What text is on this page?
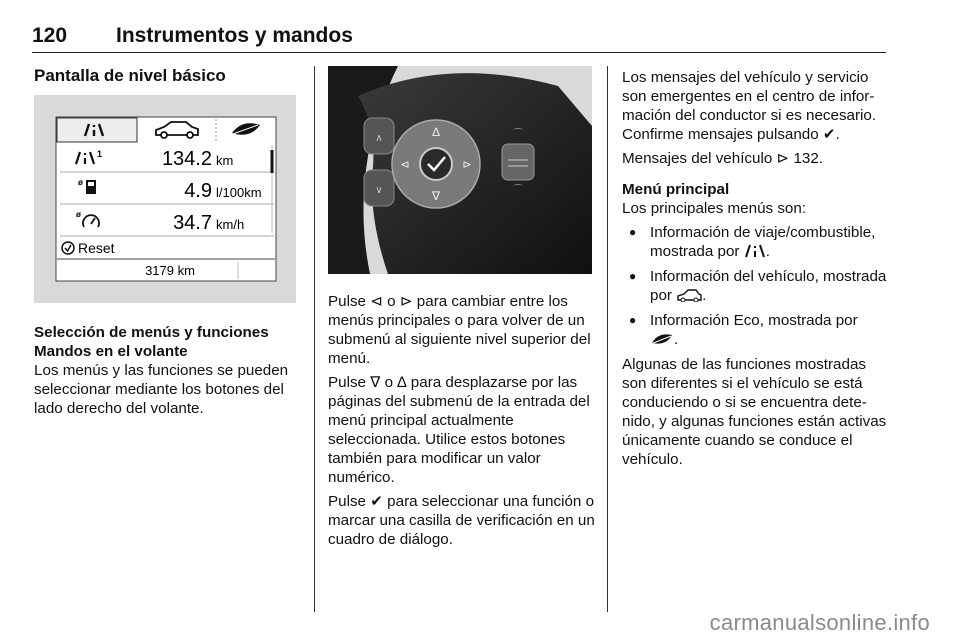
120 Instrumentos y mandos
Pantalla de nivel básico
1	134.2 km
ø	4.9 l/100km
ø	34.7 km/h
Reset
3179 km
Selección de menús y funciones
Mandos en el volante

Los menús y las funciones se pueden seleccionar mediante los botones del lado derecho del volante.

∧
∨
∆
∇
⊲	⊳
⌒
⌒

Pulse ⊲ o ⊳ para cambiar entre los menús principales o para volver de un submenú al siguiente nivel superior del menú.

Pulse ∇ o ∆ para desplazarse por las páginas del submenú de la entrada del menú principal actualmente seleccionada. Utilice estos botones también para modificar un valor numérico.

Pulse ✔ para seleccionar una función o marcar una casilla de verificación en un cuadro de diálogo.

Los mensajes del vehículo y servicio son emergentes en el centro de información del conductor si es necesario. Confirme mensajes pulsando ✔.

Mensajes del vehículo ⊳ 132.

Menú principal

Los principales menús son:

● Información de viaje/combustible, mostrada por .
● Información del vehículo, mostrada por .
● Información Eco, mostrada por
.

Algunas de las funciones mostradas son diferentes si el vehículo se está conduciendo o si se encuentra detenido, y algunas funciones están activas únicamente cuando se conduce el vehículo.

carmanualsonline.info
